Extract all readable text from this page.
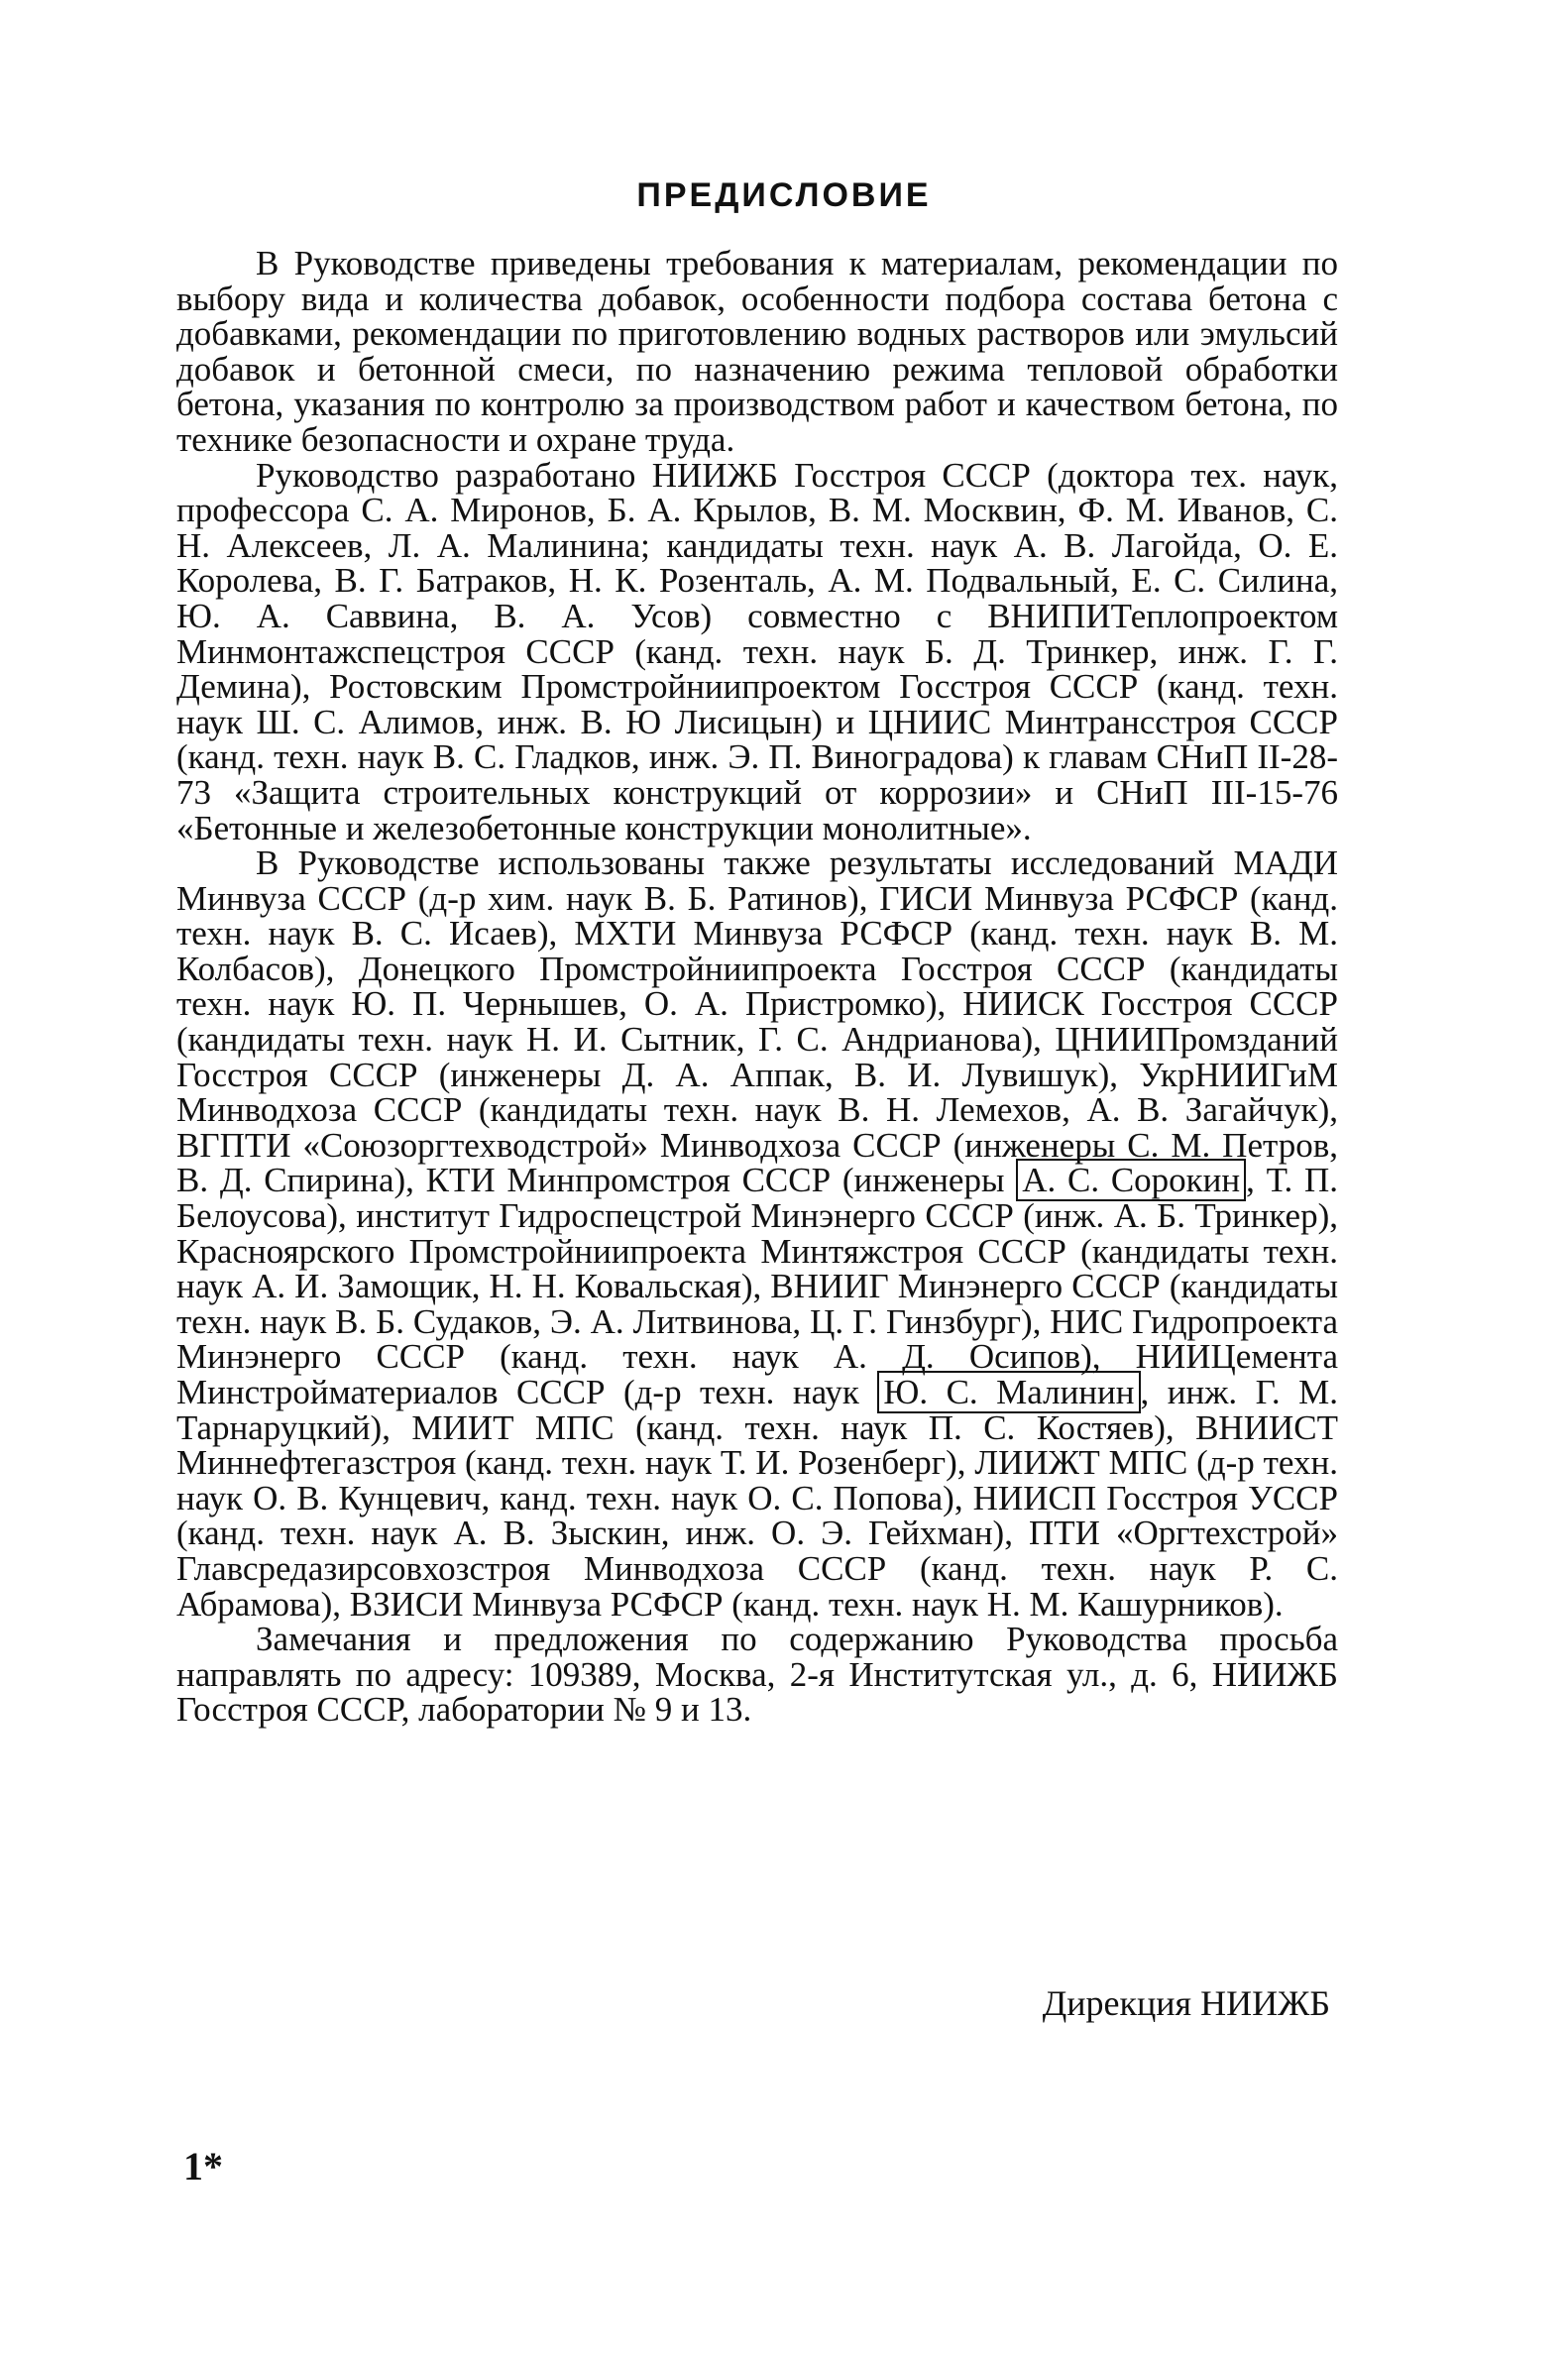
ПРЕДИСЛОВИЕ

В Руководстве приведены требования к материалам, рекомендации по выбору вида и количества добавок, особенности подбора состава бетона с добавками, рекомендации по приготовлению водных растворов или эмульсий добавок и бетонной смеси, по назначению режима тепловой обработки бетона, указания по контролю за производством работ и качеством бетона, по технике безопасности и охране труда.

Руководство разработано НИИЖБ Госстроя СССР (доктора тех. наук, профессора С. А. Миронов, Б. А. Крылов, В. М. Москвин, Ф. М. Иванов, С. Н. Алексеев, Л. А. Малинина; кандидаты техн. наук А. В. Лагойда, О. Е. Королева, В. Г. Батраков, Н. К. Розенталь, А. М. Подвальный, Е. С. Силина, Ю. А. Саввина, В. А. Усов) совместно с ВНИПИТеплопроектом Минмонтажспецстроя СССР (канд. техн. наук Б. Д. Тринкер, инж. Г. Г. Демина), Ростовским Промстройниипроектом Госстроя СССР (канд. техн. наук Ш. С. Алимов, инж. В. Ю Лисицын) и ЦНИИС Минтрансстроя СССР (канд. техн. наук В. С. Гладков, инж. Э. П. Виноградова) к главам СНиП II-28-73 «Защита строительных конструкций от коррозии» и СНиП III-15-76 «Бетонные и железобетонные конструкции монолитные».

В Руководстве использованы также результаты исследований МАДИ Минвуза СССР (д-р хим. наук В. Б. Ратинов), ГИСИ Минвуза РСФСР (канд. техн. наук В. С. Исаев), МХТИ Минвуза РСФСР (канд. техн. наук В. М. Колбасов), Донецкого Промстройниипроекта Госстроя СССР (кандидаты техн. наук Ю. П. Чернышев, О. А. Пристромко), НИИСК Госстроя СССР (кандидаты техн. наук Н. И. Сытник, Г. С. Андрианова), ЦНИИПромзданий Госстроя СССР (инженеры Д. А. Аппак, В. И. Лувишук), УкрНИИГиМ Минводхоза СССР (кандидаты техн. наук В. Н. Лемехов, А. В. Загайчук), ВГПТИ «Союзоргтехводстрой» Минводхоза СССР (инженеры С. М. Петров, В. Д. Спирина), КТИ Минпромстроя СССР (инженеры А. С. Сорокин , Т. П. Белоусова), институт Гидроспецстрой Минэнерго СССР (инж. А. Б. Тринкер), Красноярского Промстройниипроекта Минтяжстроя СССР (кандидаты техн. наук А. И. Замощик, Н. Н. Ковальская), ВНИИГ Минэнерго СССР (кандидаты техн. наук В. Б. Судаков, Э. А. Литвинова, Ц. Г. Гинзбург), НИС Гидропроекта Минэнерго СССР (канд. техн. наук А. Д. Осипов), НИИЦемента Минстройматериалов СССР (д-р техн. наук Ю. С. Малинин , инж. Г. М. Тарнаруцкий), МИИТ МПС (канд. техн. наук П. С. Костяев), ВНИИСТ Миннефтегазстроя (канд. техн. наук Т. И. Розенберг), ЛИИЖТ МПС (д-р техн. наук О. В. Кунцевич, канд. техн. наук О. С. Попова), НИИСП Госстроя УССР (канд. техн. наук А. В. Зыскин, инж. О. Э. Гейхман), ПТИ «Оргтехстрой» Главсредазирсовхозстроя Минводхоза СССР (канд. техн. наук Р. С. Абрамова), ВЗИСИ Минвуза РСФСР (канд. техн. наук Н. М. Кашурников).

Замечания и предложения по содержанию Руководства просьба направлять по адресу: 109389, Москва, 2-я Институтская ул., д. 6, НИИЖБ Госстроя СССР, лаборатории № 9 и 13.

Дирекция НИИЖБ
1*
